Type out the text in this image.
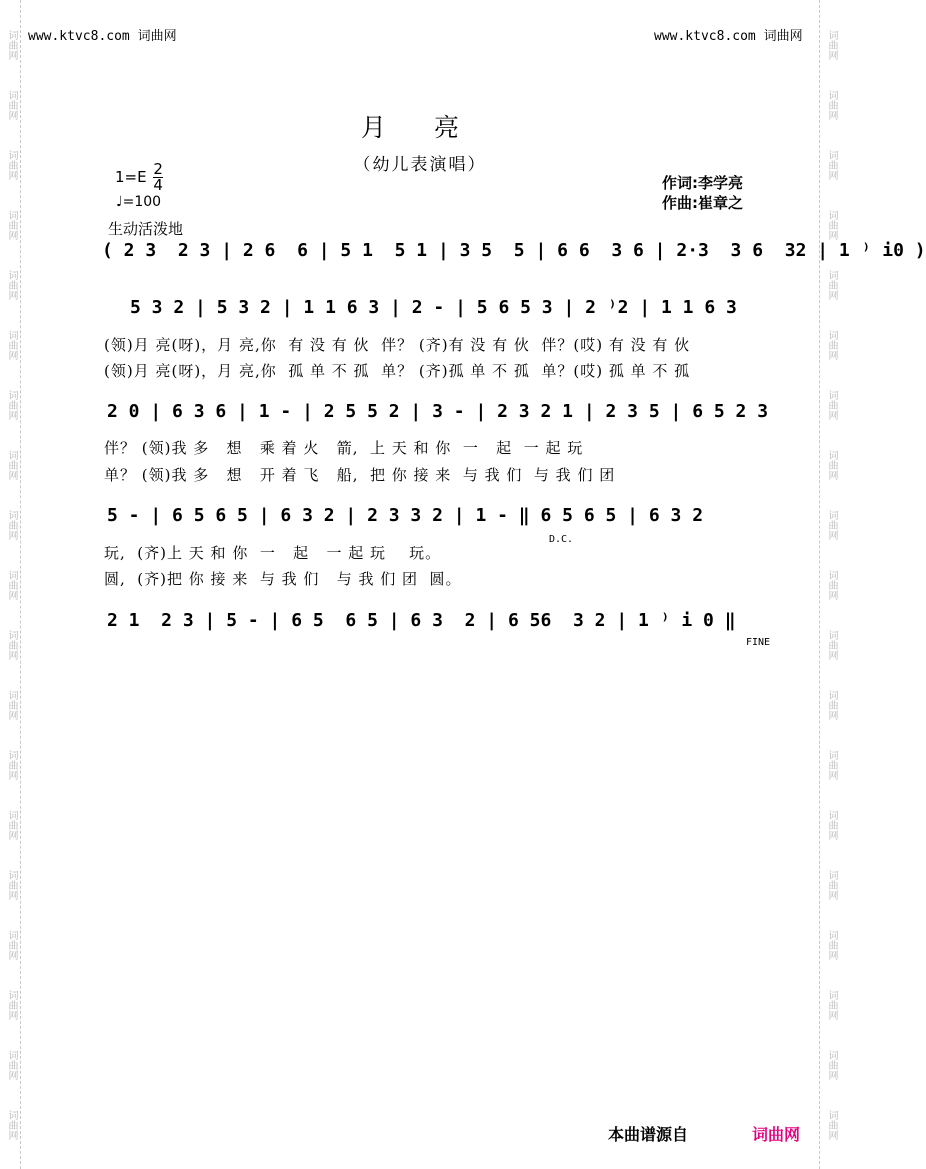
词曲网
词曲网
词曲网
词曲网
词曲网
词曲网
词曲网
词曲网
词曲网
词曲网
词曲网
词曲网
词曲网
词曲网
词曲网
词曲网
词曲网
词曲网
词曲网
词曲网
词曲网
词曲网
词曲网
词曲网
词曲网
词曲网
词曲网
词曲网
词曲网
词曲网
词曲网
词曲网
词曲网
词曲网
词曲网
词曲网
词曲网
词曲网
www.ktvc8.com 词曲网	www.ktvc8.com 词曲网
月 亮
（幼儿表演唱）
作词:李学亮
作曲:崔章之
$1=E \frac{2}{4}$
♩=100
生动活泼地
( 2 3  2 3 | 2 6  6 | 5 1  5 1 | 3 5  5 | 6 6  3 6 | 2·3  3 6  32 | 1 ⁾ i0 )
5 3 2 | 5 3 2 | 1 1 6 3 | 2 - | 5 6 5 3 | 2 ⁾2 | 1 1 6 3
(领)月 亮(呀)，月 亮,你  有 没 有 伙  伴？ (齐)有 没 有 伙  伴？(哎) 有 没 有 伙
(领)月 亮(呀)，月 亮,你  孤 单 不 孤  单？ (齐)孤 单 不 孤  单？(哎) 孤 单 不 孤
2 0 | 6 3 6 | 1 - | 2 5 5 2 | 3 - | 2 3 2 1 | 2 3 5 | 6 5 2 3
伴？ (领)我 多   想   乘 着 火   箭,  上 天 和 你  一   起  一 起 玩
单？ (领)我 多   想   开 着 飞   船,  把 你 接 来  与 我 们  与 我 们 团
5 - | 6 5 6 5 | 6 3 2 | 2 3 3 2 | 1 - ‖ 6 5 6 5 | 6 3 2
D.C.
玩,  (齐)上 天 和 你  一   起   一 起 玩    玩。
圆,  (齐)把 你 接 来  与 我 们   与 我 们 团  圆。
2 1  2 3 | 5 - | 6 5  6 5 | 6 3  2 | 6 56  3 2 | 1 ⁾ i 0 ‖
FINE
本曲谱源自	词曲网
